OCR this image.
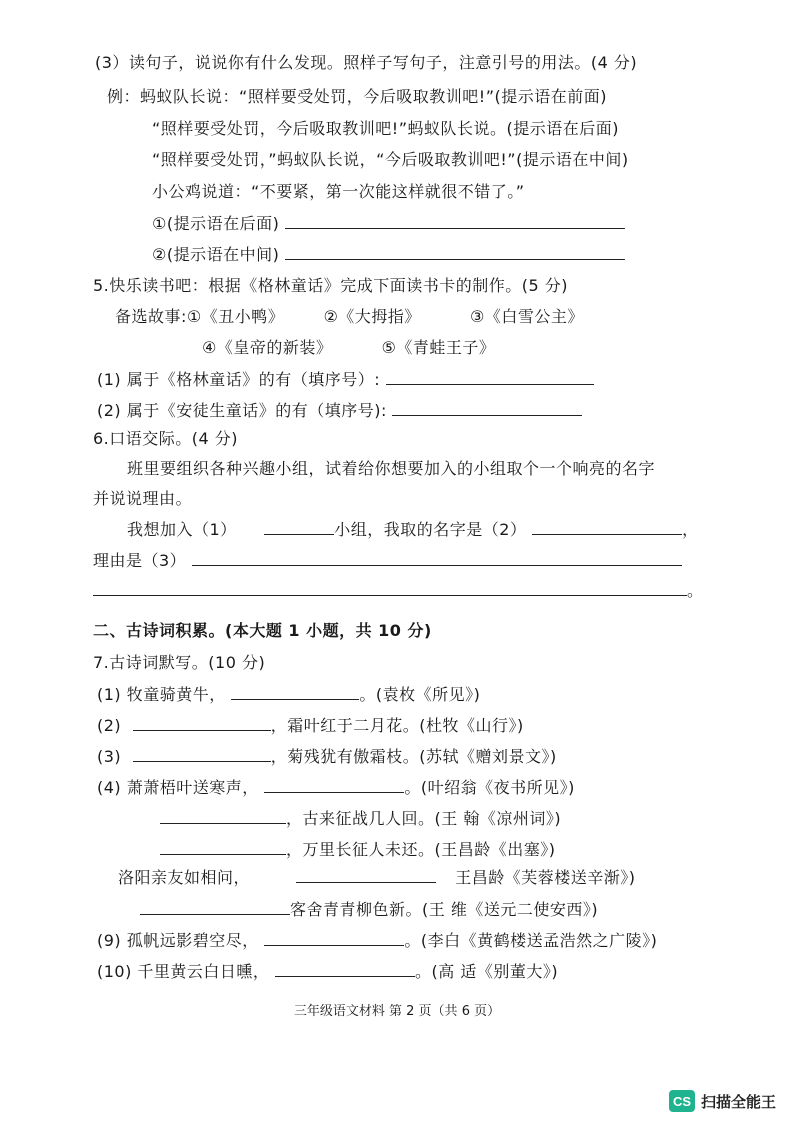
(3）读句子，说说你有什么发现。照样子写句子，注意引号的用法。(4 分)
例：蚂蚁队长说：“照样要受处罚，今后吸取教训吧!”(提示语在前面)
“照样要受处罚，今后吸取教训吧!”蚂蚁队长说。(提示语在后面)
“照样要受处罚，”蚂蚁队长说，“今后吸取教训吧!”(提示语在中间)
小公鸡说道：“不要紧，第一次能这样就很不错了。”
①(提示语在后面)
②(提示语在中间)
5.快乐读书吧：根据《格林童话》完成下面读书卡的制作。(5 分)
备选故事:①《丑小鸭》 ②《大拇指》	③《白雪公主》
④《皇帝的新装》	⑤《青蛙王子》
(1) 属于《格林童话》的有（填序号）:
(2) 属于《安徒生童话》的有（填序号):
6.口语交际。(4 分)
班里要组织各种兴趣小组，试着给你想要加入的小组取个一个响亮的名字
并说说理由。
我想加入（1）	小组，我取的名字是（2）	，
理由是（3）
。
二、古诗词积累。(本大题 1 小题，共 10 分)
7.古诗词默写。(10 分)
(1) 牧童骑黄牛，	。(袁枚《所见》)
(2)	，霜叶红于二月花。(杜牧《山行》)
(3)	，菊残犹有傲霜枝。(苏轼《赠刘景文》)
(4) 萧萧梧叶送寒声，	。(叶绍翁《夜书所见》)
，古来征战几人回。(王 翰《凉州词》)
，万里长征人未还。(王昌龄《出塞》)
洛阳亲友如相问，	王昌龄《芙蓉楼送辛渐》)
客舍青青柳色新。(王 维《送元二使安西》)
(9) 孤帆远影碧空尽，	。(李白《黄鹤楼送孟浩然之广陵》)
(10) 千里黄云白日曛，	。(高 适《别董大》)
三年级语文材料 第 2 页（共 6 页）
CS 扫描全能王
